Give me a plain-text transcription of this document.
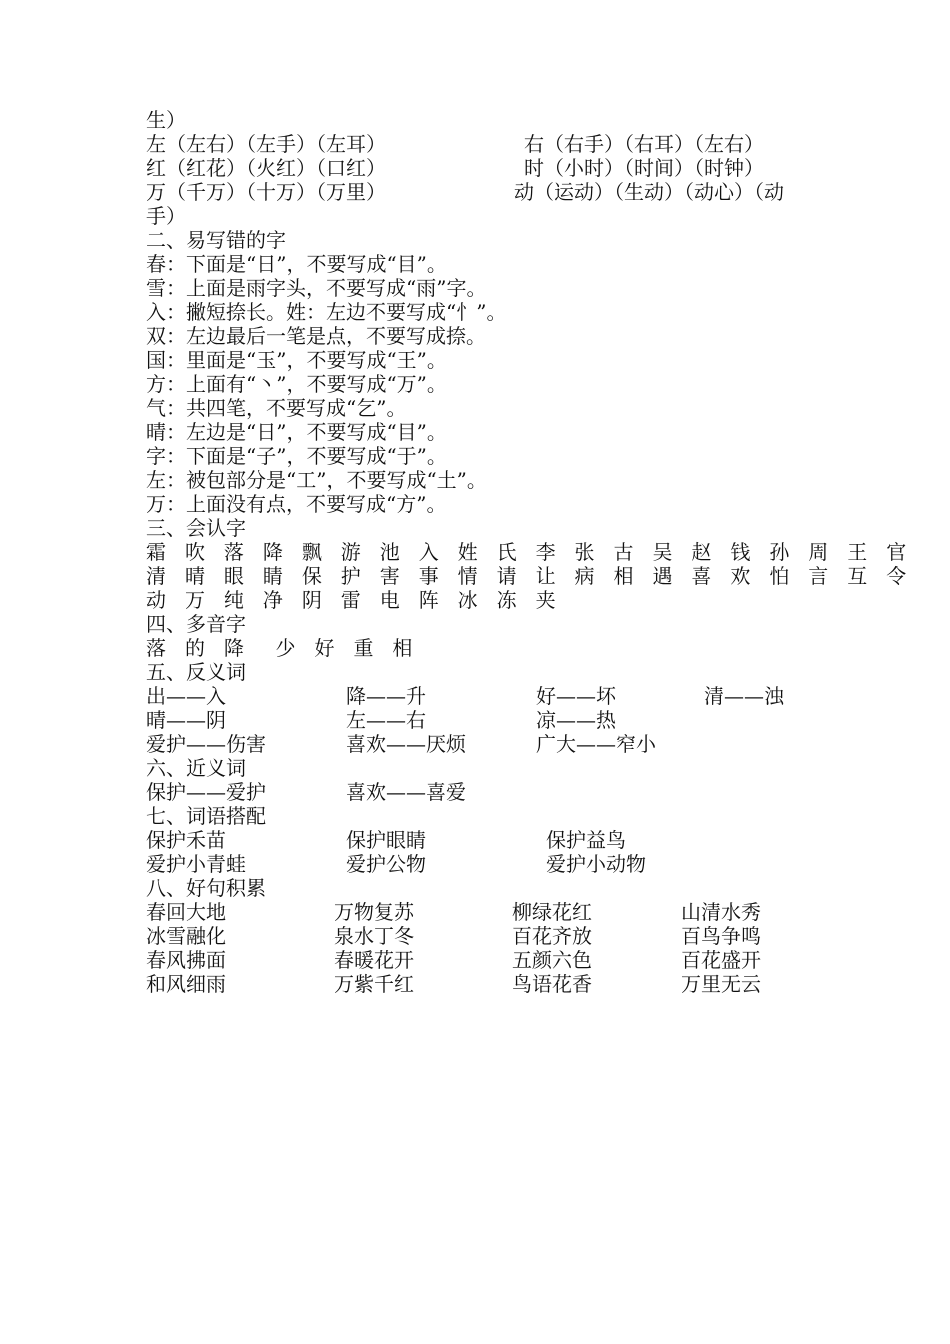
生）
左（左右）（左手）（左耳）	右（右手）（右耳）（左右）
红（红花）（火红）（口红）	时（小时）（时间）（时钟）
万（千万）（十万）（万里）	动（运动）（生动）（动心）（动
手）
二、易写错的字
春：下面是“日”，不要写成“目”。
雪：上面是雨字头，不要写成“雨”字。
入：撇短捺长。姓：左边不要写成“忄”。
双：左边最后一笔是点，不要写成捺。
国：里面是“玉”，不要写成“王”。
方：上面有“丶”，不要写成“万”。
气：共四笔，不要写成“乞”。
晴：左边是“日”，不要写成“目”。
字：下面是“子”，不要写成“于”。
左：被包部分是“工”，不要写成“土”。
万：上面没有点，不要写成“方”。
三、会认字
霜 吹 落 降 飘 游 池 入 姓 氏 李 张 古 吴 赵 钱 孙 周 王 官
清 晴 眼 睛 保 护 害 事 情 请 让 病 相 遇 喜 欢 怕 言 互 令
动 万 纯 净 阴 雷 电 阵 冰 冻 夹
四、多音字
落 的 降  少 好 重 相
五、反义词
出——入	降——升	好——坏	清——浊
晴——阴	左——右	凉——热
爱护——伤害	喜欢——厌烦	广大——窄小
六、近义词
保护——爱护	喜欢——喜爱
七、词语搭配
保护禾苗	保护眼睛	保护益鸟
爱护小青蛙	爱护公物	爱护小动物
八、好句积累
春回大地	万物复苏	柳绿花红	山清水秀
冰雪融化	泉水丁冬	百花齐放	百鸟争鸣
春风拂面	春暖花开	五颜六色	百花盛开
和风细雨	万紫千红	鸟语花香	万里无云
